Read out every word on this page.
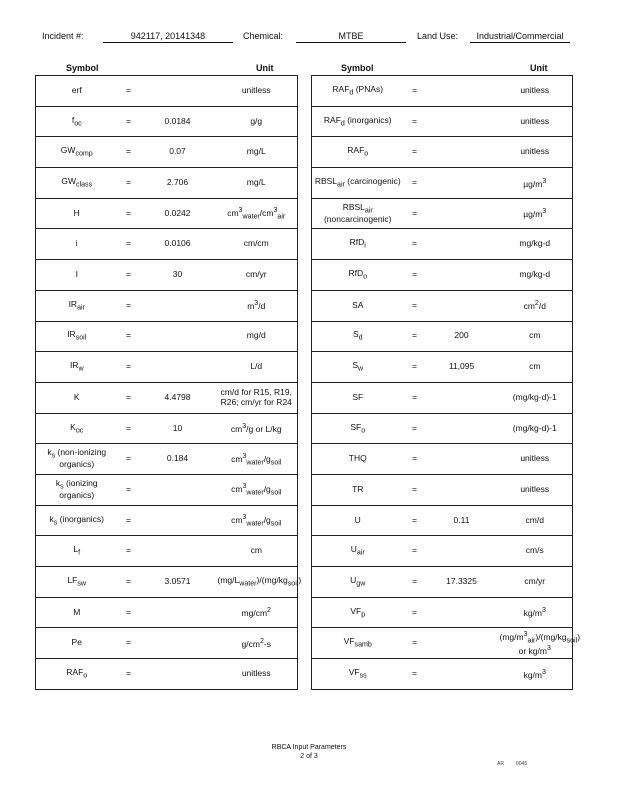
Incident #:	942117, 20141348	Chemical:	MTBE	Land Use:	Industrial/Commercial
Symbol	Unit	Symbol	Unit
erf	=		unitless
$f_{oc}$	=	0.0184	g/g
$GW_{comp}$	=	0.07	mg/L
$GW_{class}$	=	2.706	mg/L
H	=	0.0242	$cm^3_{water}/cm^3_{air}$
i	=	0.0106	cm/cm
I	=	30	cm/yr
$IR_{air}$	=		$m^3/d$
$IR_{soil}$	=		mg/d
$IR_w$	=		L/d
K	=	4.4798	cm/d for R15, R19, R26; cm/yr for R24
$K_{oc}$	=	10	$cm^3/g$ or L/kg
$k_s$ (non-ionizing organics)	=	0.184	$cm^3_{water}/g_{soil}$
$k_s$ (ionizing organics)	=		$cm^3_{water}/g_{soil}$
$k_s$ (inorganics)	=		$cm^3_{water}/g_{soil}$
$L_f$	=		cm
$LF_{sw}$	=	3.0571	$(mg/L_{water})/(mg/kg_{soil})$
M	=		$mg/cm^2$
Pe	=		$g/cm^2-s$
$RAF_o$	=		unitless
$RAF_d$ (PNAs)	=		unitless
$RAF_d$ (inorganics)	=		unitless
$RAF_o$	=		unitless
$RBSL_{air}$ (carcinogenic)	=		$\mu g/m^3$
$RBSL_{air}$ (noncarcinogenic)	=		$\mu g/m^3$
RfD$_i$	=		mg/kg-d
RfD$_o$	=		mg/kg-d
SA	=		$cm^2/d$
$S_d$	=	200	cm
$S_w$	=	11,095	cm
SF	=		(mg/kg-d)-1
$SF_o$	=		(mg/kg-d)-1
THQ	=		unitless
TR	=		unitless
U	=	0.11	cm/d
$U_{air}$	=		cm/s
$U_{gw}$	=	17.3325	cm/yr
$VF_p$	=		$kg/m^3$
$VF_{samb}$	=		$(mg/m^3_{air})/(mg/kg_{soil})$ or $kg/m^3$
$VF_{ss}$	=		$kg/m^3$
RBCA Input Parameters
2 of 3
AR 0045
